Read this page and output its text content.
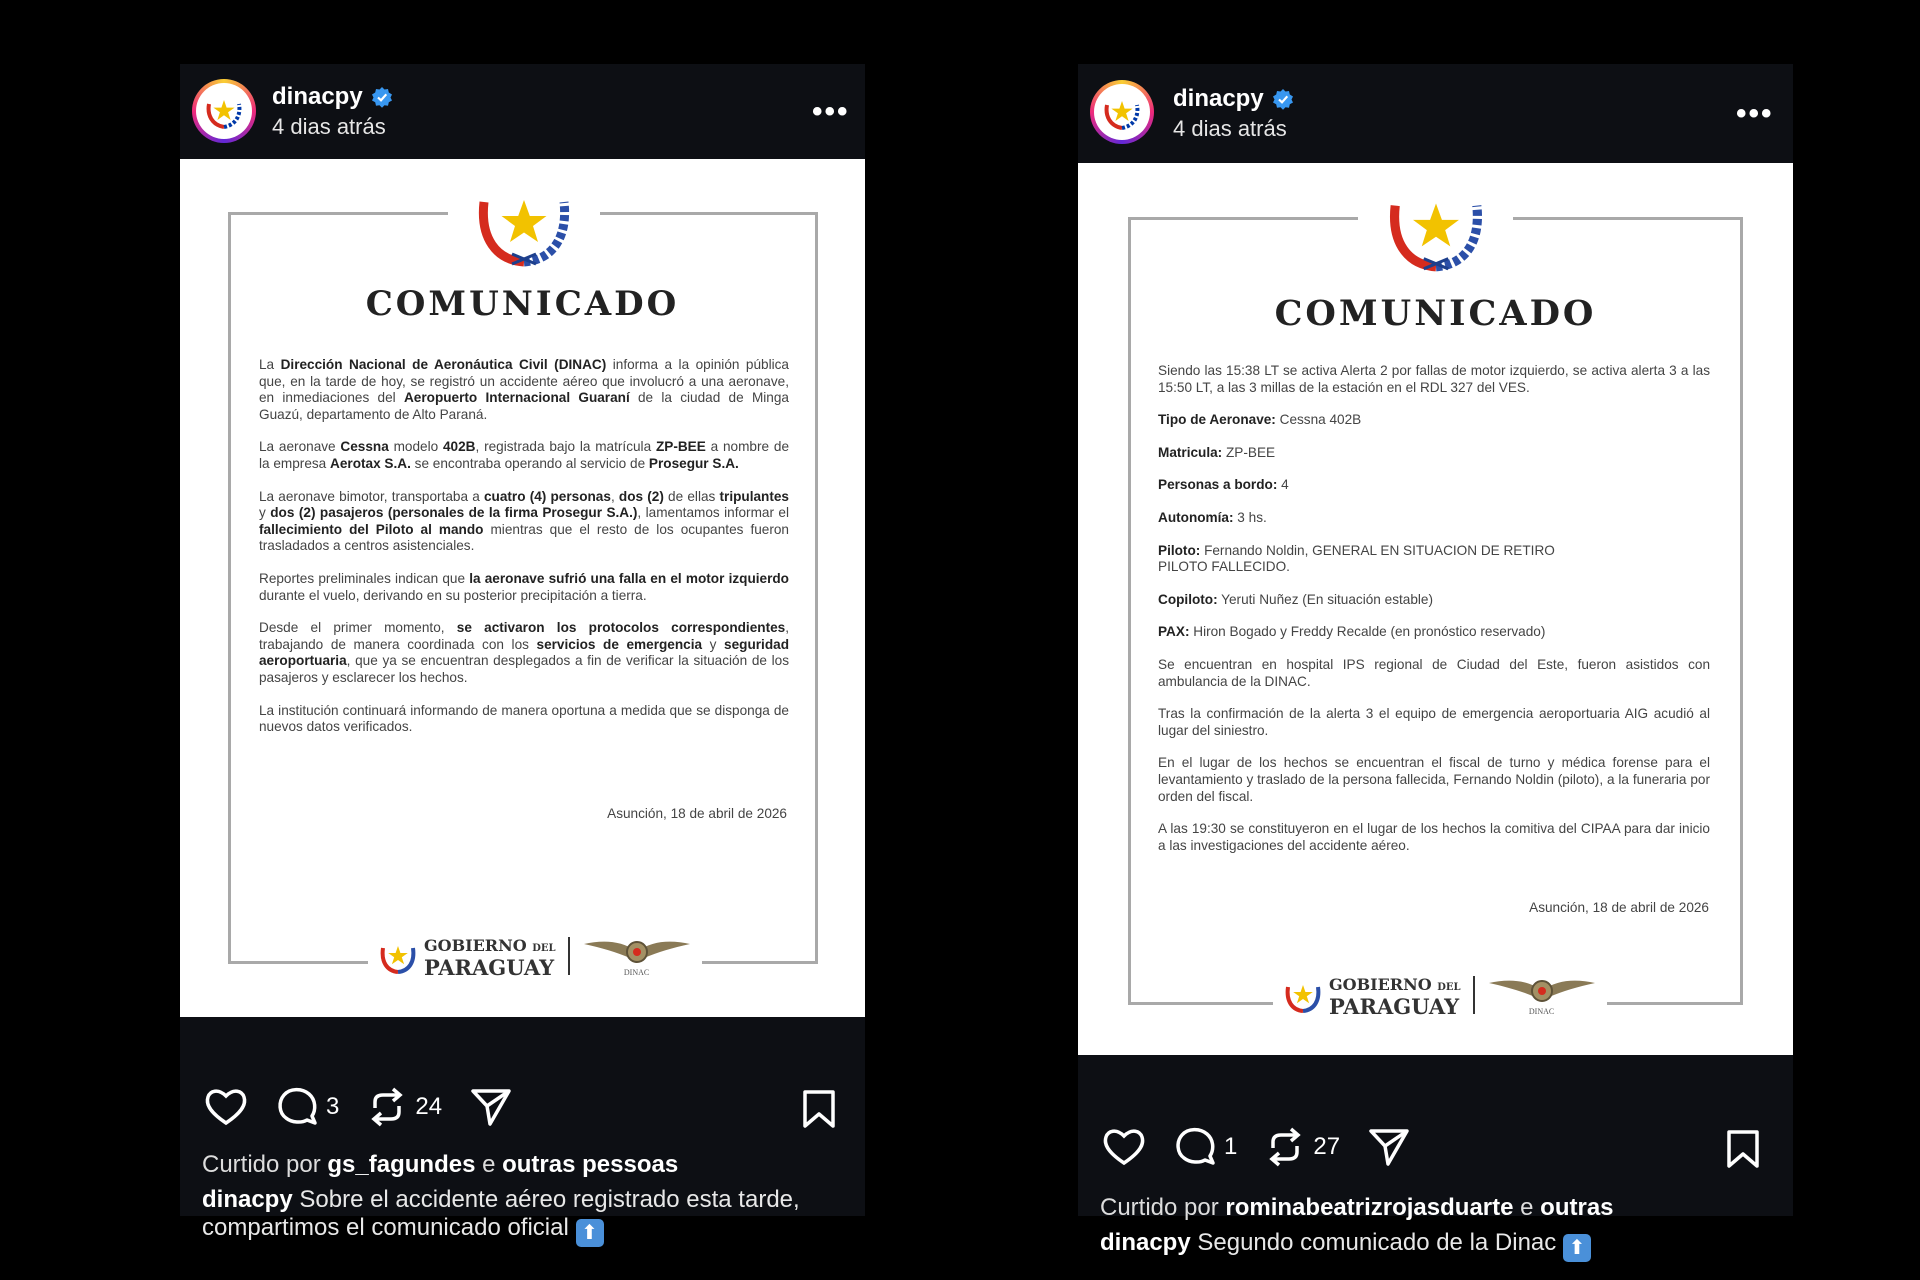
dinacpy
4 dias atrás	•••
COMUNICADO

La Dirección Nacional de Aeronáutica Civil (DINAC) informa a la opinión pública que, en la tarde de hoy, se registró un accidente aéreo que involucró a una aeronave, en inmediaciones del Aeropuerto Internacional Guaraní de la ciudad de Minga Guazú, departamento de Alto Paraná.

La aeronave Cessna modelo 402B, registrada bajo la matrícula ZP-BEE a nombre de la empresa Aerotax S.A. se encontraba operando al servicio de Prosegur S.A.

La aeronave bimotor, transportaba a cuatro (4) personas, dos (2) de ellas tripulantes y dos (2) pasajeros (personales de la firma Prosegur S.A.), lamentamos informar el fallecimiento del Piloto al mando mientras que el resto de los ocupantes fueron trasladados a centros asistenciales.

Reportes preliminales indican que la aeronave sufrió una falla en el motor izquierdo durante el vuelo, derivando en su posterior precipitación a tierra.

Desde el primer momento, se activaron los protocolos correspondientes, trabajando de manera coordinada con los servicios de emergencia y seguridad aeroportuaria, que ya se encuentran desplegados a fin de verificar la situación de los pasajeros y esclarecer los hechos.

La institución continuará informando de manera oportuna a medida que se disponga de nuevos datos verificados.

Asunción, 18 de abril de 2026
GOBIERNO DEL
PARAGUAY	DINAC
3	24
Curtido por gs_fagundes e outras pessoas
dinacpy Sobre el accidente aéreo registrado esta tarde, compartimos el comunicado oficial ⬆
dinacpy
4 dias atrás	•••
COMUNICADO

Siendo las 15:38 LT se activa Alerta 2 por fallas de motor izquierdo, se activa alerta 3 a las 15:50 LT, a las 3 millas de la estación en el RDL 327 del VES.

Tipo de Aeronave: Cessna 402B

Matricula: ZP-BEE

Personas a bordo: 4

Autonomía: 3 hs.

Piloto: Fernando Noldin, GENERAL EN SITUACION DE RETIRO
PILOTO FALLECIDO.

Copiloto: Yeruti Nuñez (En situación estable)

PAX: Hiron Bogado y Freddy Recalde (en pronóstico reservado)

Se encuentran en hospital IPS regional de Ciudad del Este, fueron asistidos con ambulancia de la DINAC.

Tras la confirmación de la alerta 3 el equipo de emergencia aeroportuaria AIG acudió al lugar del siniestro.

En el lugar de los hechos se encuentran el fiscal de turno y médica forense para el levantamiento y traslado de la persona fallecida, Fernando Noldin (piloto), a la funeraria por orden del fiscal.

A las 19:30 se constituyeron en el lugar de los hechos la comitiva del CIPAA para dar inicio a las investigaciones del accidente aéreo.

Asunción, 18 de abril de 2026
GOBIERNO DEL
PARAGUAY	DINAC
1	27
Curtido por rominabeatrizrojasduarte e outras
dinacpy Segundo comunicado de la Dinac ⬆
